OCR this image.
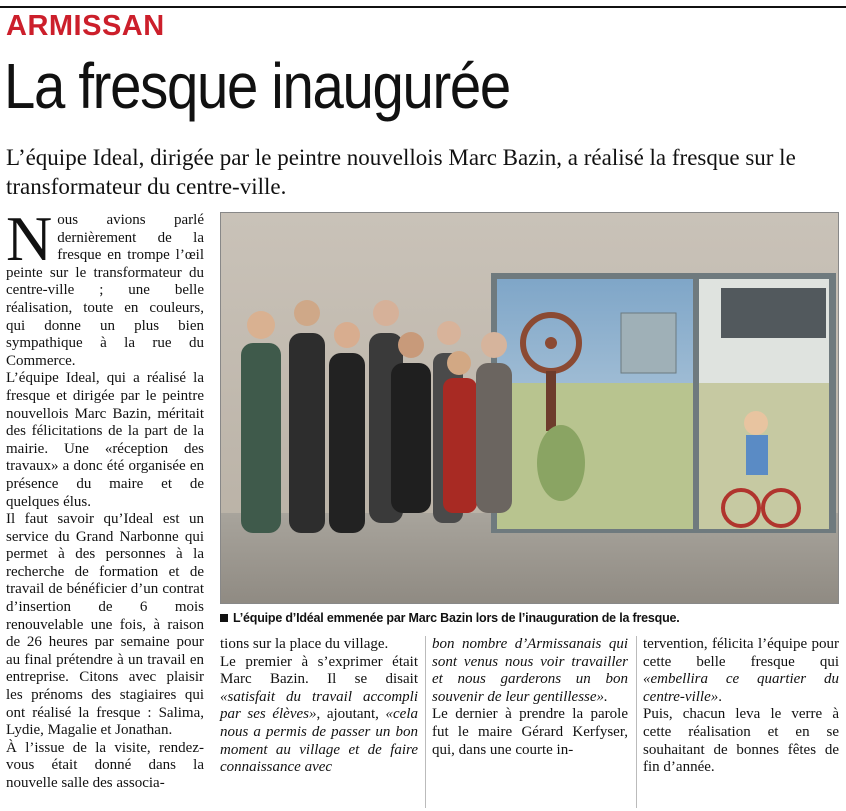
ARMISSAN
La fresque inaugurée
L’équipe Ideal, dirigée par le peintre nouvellois Marc Bazin, a réalisé la fresque sur le transformateur du centre-ville.
N ous avions parlé dernièrement de la fresque en trompe l’œil peinte sur le transformateur du centre-ville ; une belle réalisation, toute en couleurs, qui donne un plus bien sympathique à la rue du Commerce.

L’équipe Ideal, qui a réalisé la fresque et dirigée par le peintre nouvellois Marc Bazin, méritait des félicitations de la part de la mairie. Une «réception des travaux» a donc été organisée en présence du maire et de quelques élus.

Il faut savoir qu’Ideal est un service du Grand Narbonne qui permet à des personnes à la recherche de formation et de travail de bénéficier d’un contrat d’insertion de 6 mois renouvelable une fois, à raison de 26 heures par semaine pour au final prétendre à un travail en entreprise. Citons avec plaisir les prénoms des stagiaires qui ont réalisé la fresque : Salima, Lydie, Magalie et Jonathan.

À l’issue de la visite, rendez-vous était donné dans la nouvelle salle des associa-

L’équipe d’Idéal emmenée par Marc Bazin lors de l’inauguration de la fresque.

tions sur la place du village.

Le premier à s’exprimer était Marc Bazin. Il se disait «satisfait du travail accompli par ses élèves», ajoutant, «cela nous a permis de passer un bon moment au village et de faire connaissance avec

bon nombre d’Armissanais qui sont venus nous voir travailler et nous garderons un bon souvenir de leur gentillesse».

Le dernier à prendre la parole fut le maire Gérard Kerfyser, qui, dans une courte in-

tervention, félicita l’équipe pour cette belle fresque qui «embellira ce quartier du centre-ville».

Puis, chacun leva le verre à cette réalisation et en se souhaitant de bonnes fêtes de fin d’année.
